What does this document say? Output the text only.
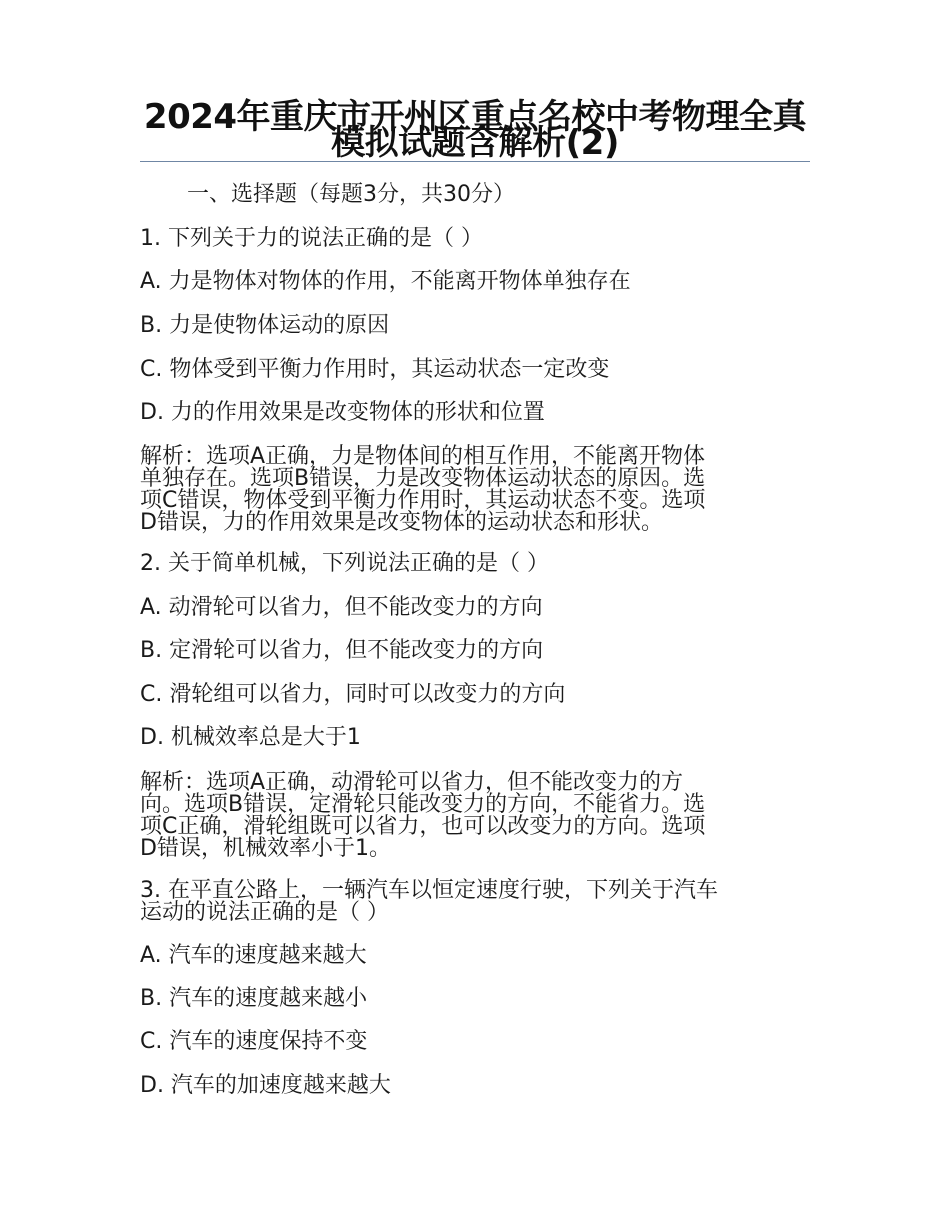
2024年重庆市开州区重点名校中考物理全真模拟试题含解析(2)
一、选择题（每题3分，共30分）
1. 下列关于力的说法正确的是（ ）
A. 力是物体对物体的作用，不能离开物体单独存在
B. 力是使物体运动的原因
C. 物体受到平衡力作用时，其运动状态一定改变
D. 力的作用效果是改变物体的形状和位置
解析：选项A正确，力是物体间的相互作用，不能离开物体
单独存在。选项B错误，力是改变物体运动状态的原因。选
项C错误，物体受到平衡力作用时，其运动状态不变。选项
D错误，力的作用效果是改变物体的运动状态和形状。
2. 关于简单机械，下列说法正确的是（ ）
A. 动滑轮可以省力，但不能改变力的方向
B. 定滑轮可以省力，但不能改变力的方向
C. 滑轮组可以省力，同时可以改变力的方向
D. 机械效率总是大于1
解析：选项A正确，动滑轮可以省力，但不能改变力的方
向。选项B错误，定滑轮只能改变力的方向，不能省力。选
项C正确，滑轮组既可以省力，也可以改变力的方向。选项
D错误，机械效率小于1。
3. 在平直公路上，一辆汽车以恒定速度行驶，下列关于汽车
运动的说法正确的是（ ）
A. 汽车的速度越来越大
B. 汽车的速度越来越小
C. 汽车的速度保持不变
D. 汽车的加速度越来越大
